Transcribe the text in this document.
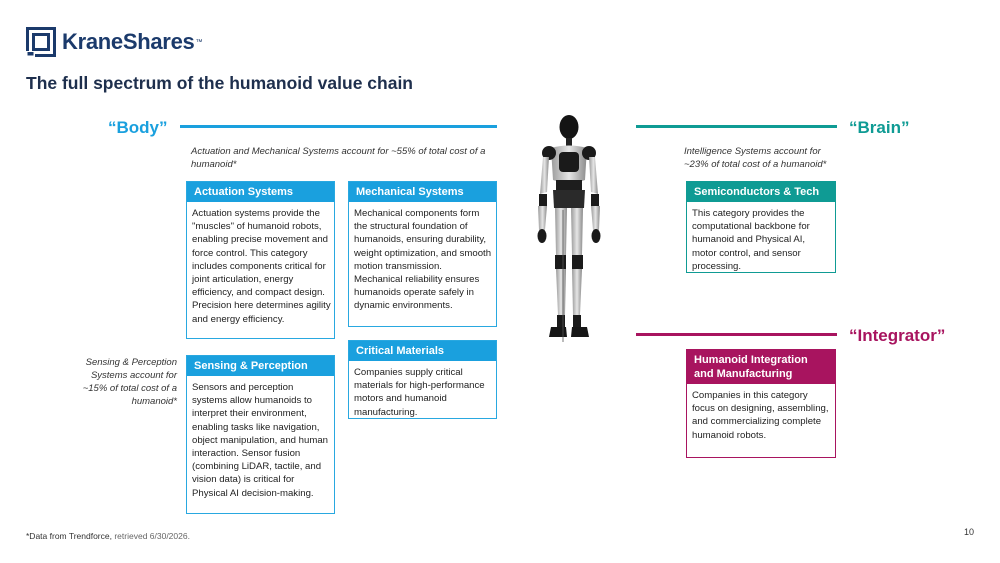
KraneShares ™
The full spectrum of the humanoid value chain
“Body”
Actuation and Mechanical Systems account for ~55% of total cost of a humanoid*
“Brain”
Intelligence Systems account for ~23% of total cost of a humanoid*
“Integrator”
Sensing & Perception Systems account for ~15% of total cost of a humanoid*
Actuation Systems
Actuation systems provide the "muscles" of humanoid robots, enabling precise movement and force control. This category includes components critical for joint articulation, energy efficiency, and compact design. Precision here determines agility and energy efficiency.
Mechanical Systems
Mechanical components form the structural foundation of humanoids, ensuring durability, weight optimization, and smooth motion transmission. Mechanical reliability ensures humanoids operate safely in dynamic environments.
Semiconductors & Tech
This category provides the computational backbone for humanoid and Physical AI, motor control, and sensor processing.
Critical Materials
Companies supply critical materials for high-performance motors and humanoid manufacturing.
Sensing & Perception
Sensors and perception systems allow humanoids to interpret their environment, enabling tasks like navigation, object manipulation, and human interaction. Sensor fusion (combining LiDAR, tactile, and vision data) is critical for Physical AI decision-making.
Humanoid Integration and Manufacturing
Companies in this category focus on designing, assembling, and commercializing complete humanoid robots.
*Data from Trendforce, retrieved 6/30/2026.	10
